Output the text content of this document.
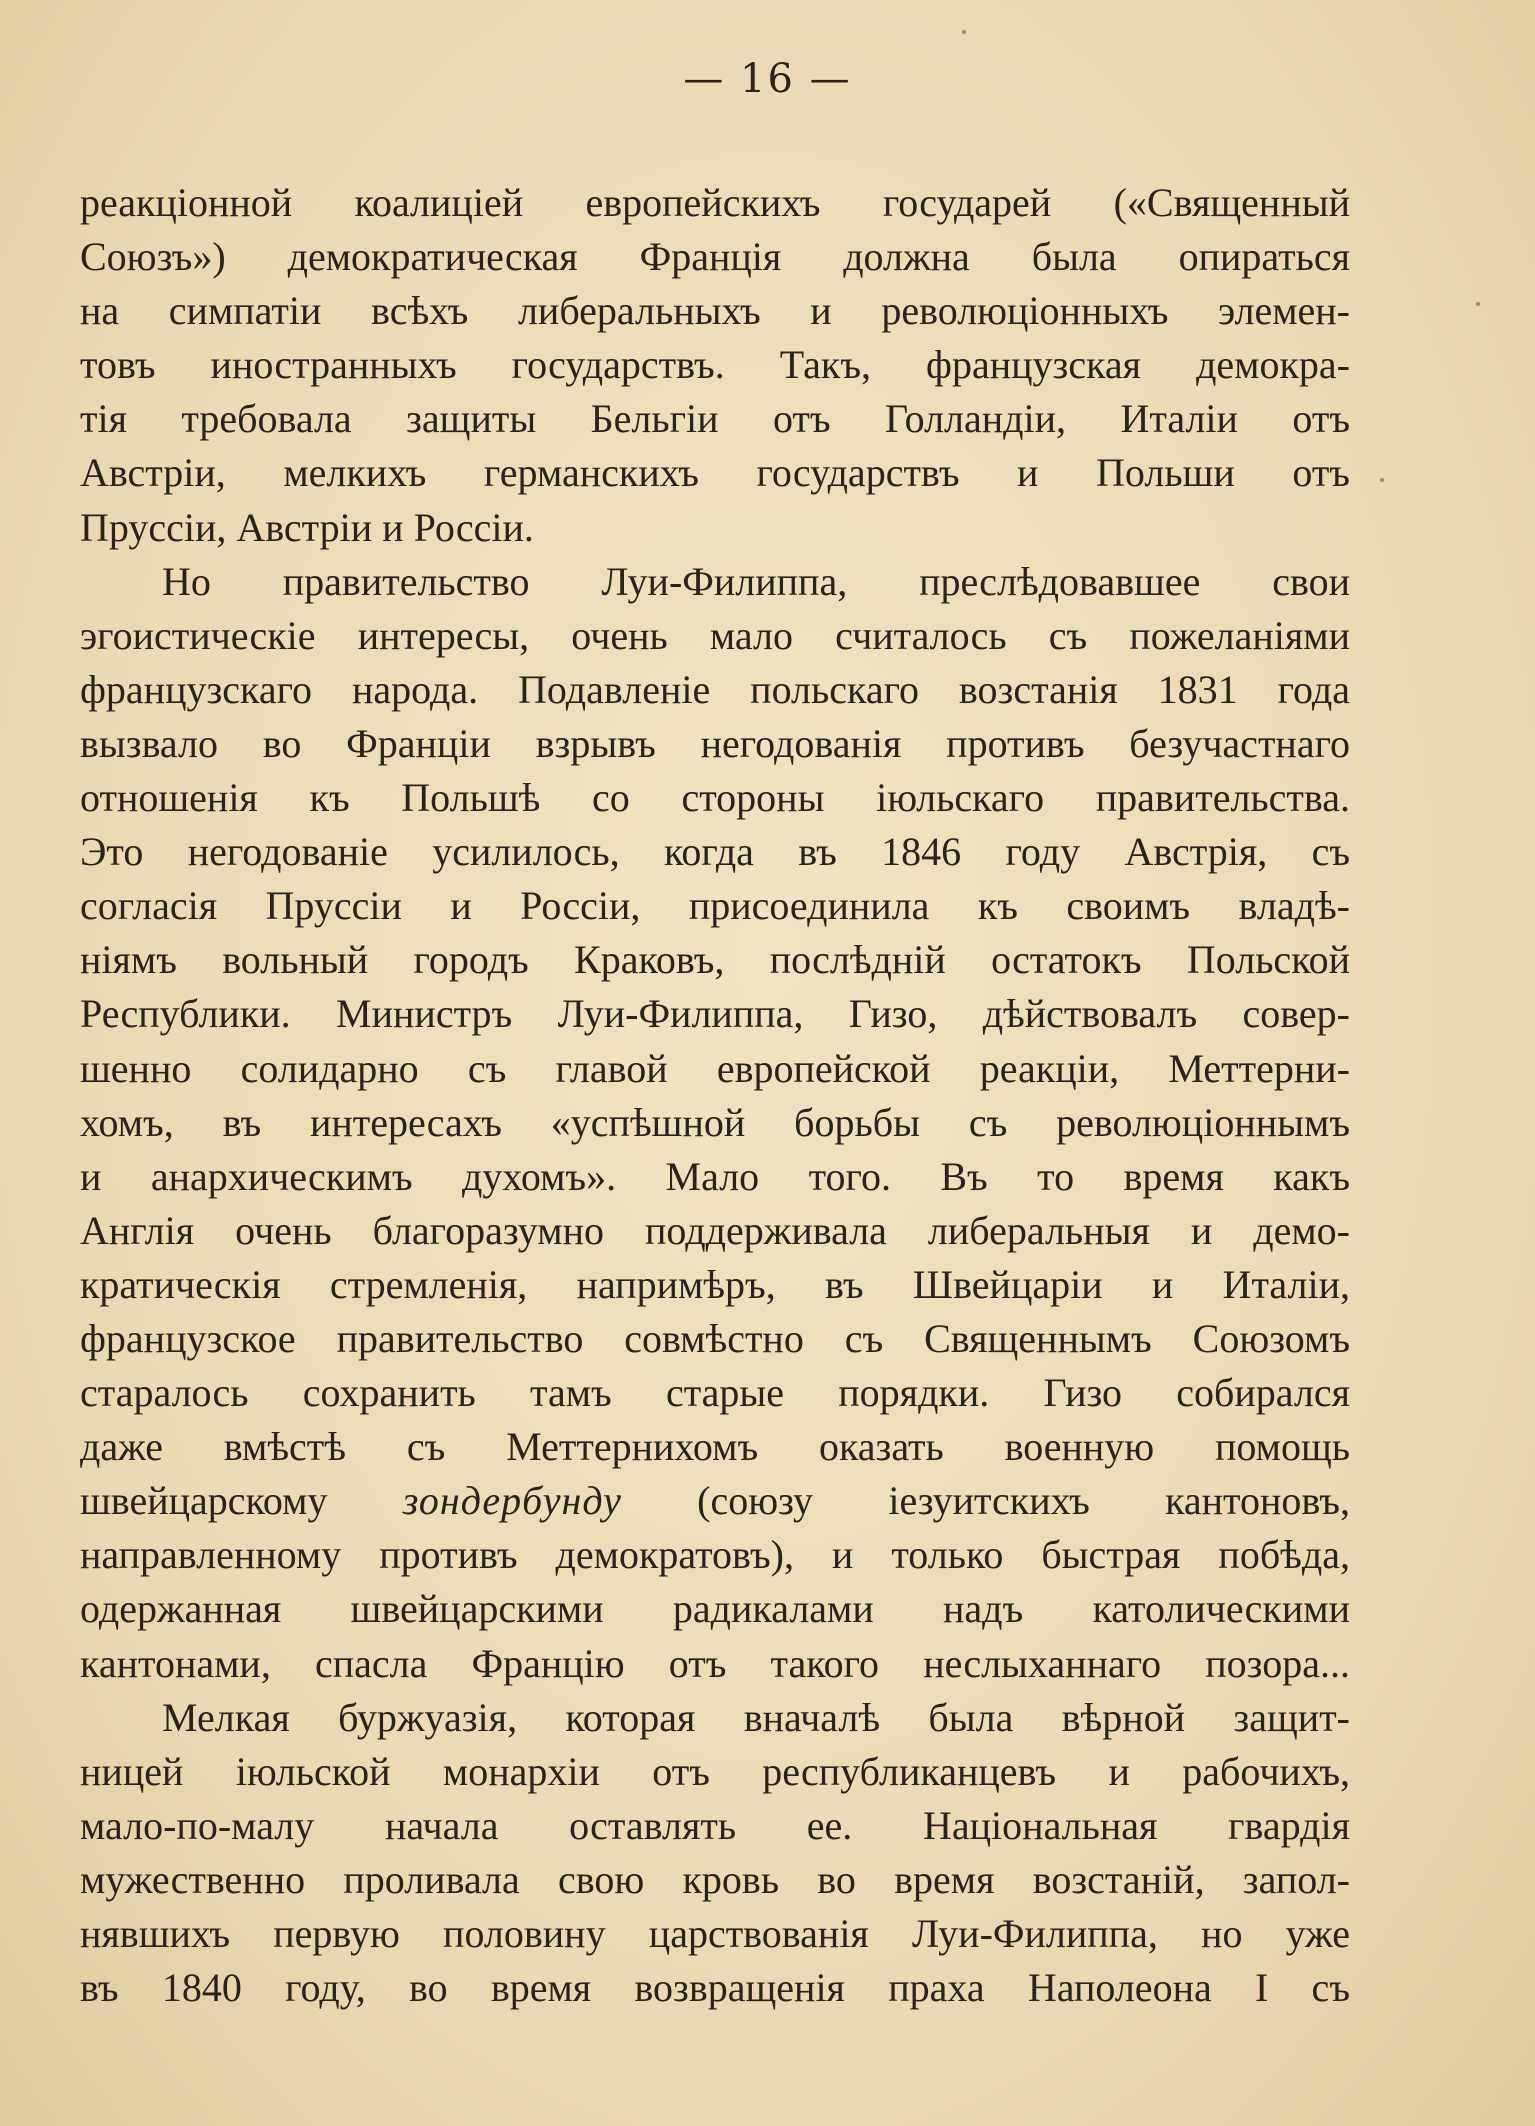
— 16 —
реакціонной коалиціей европейскихъ государей («Священный
Союзъ») демократическая Франція должна была опираться
на симпатіи всѣхъ либеральныхъ и революціонныхъ элемен-
товъ иностранныхъ государствъ. Такъ, французская демокра-
тія требовала защиты Бельгіи отъ Голландіи, Италіи отъ
Австріи, мелкихъ германскихъ государствъ и Польши отъ
Пруссіи, Австріи и Россіи.
Но правительство Луи-Филиппа, преслѣдовавшее свои
эгоистическіе интересы, очень мало считалось съ пожеланіями
французскаго народа. Подавленіе польскаго возстанія 1831 года
вызвало во Франціи взрывъ негодованія противъ безучастнаго
отношенія къ Польшѣ со стороны іюльскаго правительства.
Это негодованіе усилилось, когда въ 1846 году Австрія, съ
согласія Пруссіи и Россіи, присоединила къ своимъ владѣ-
ніямъ вольный городъ Краковъ, послѣдній остатокъ Польской
Республики. Министръ Луи-Филиппа, Гизо, дѣйствовалъ совер-
шенно солидарно съ главой европейской реакціи, Меттерни-
хомъ, въ интересахъ «успѣшной борьбы съ революціоннымъ
и анархическимъ духомъ». Мало того. Въ то время какъ
Англія очень благоразумно поддерживала либеральныя и демо-
кратическія стремленія, напримѣръ, въ Швейцаріи и Италіи,
французское правительство совмѣстно съ Священнымъ Союзомъ
старалось сохранить тамъ старые порядки. Гизо собирался
даже вмѣстѣ съ Меттернихомъ оказать военную помощь
швейцарскому зондербунду (союзу іезуитскихъ кантоновъ,
направленному противъ демократовъ), и только быстрая побѣда,
одержанная швейцарскими радикалами надъ католическими
кантонами, спасла Францію отъ такого неслыханнаго позора...
Мелкая буржуазія, которая вначалѣ была вѣрной защит-
ницей іюльской монархіи отъ республиканцевъ и рабочихъ,
мало-по-малу начала оставлять ее. Національная гвардія
мужественно проливала свою кровь во время возстаній, запол-
нявшихъ первую половину царствованія Луи-Филиппа, но уже
въ 1840 году, во время возвращенія праха Наполеона I съ
